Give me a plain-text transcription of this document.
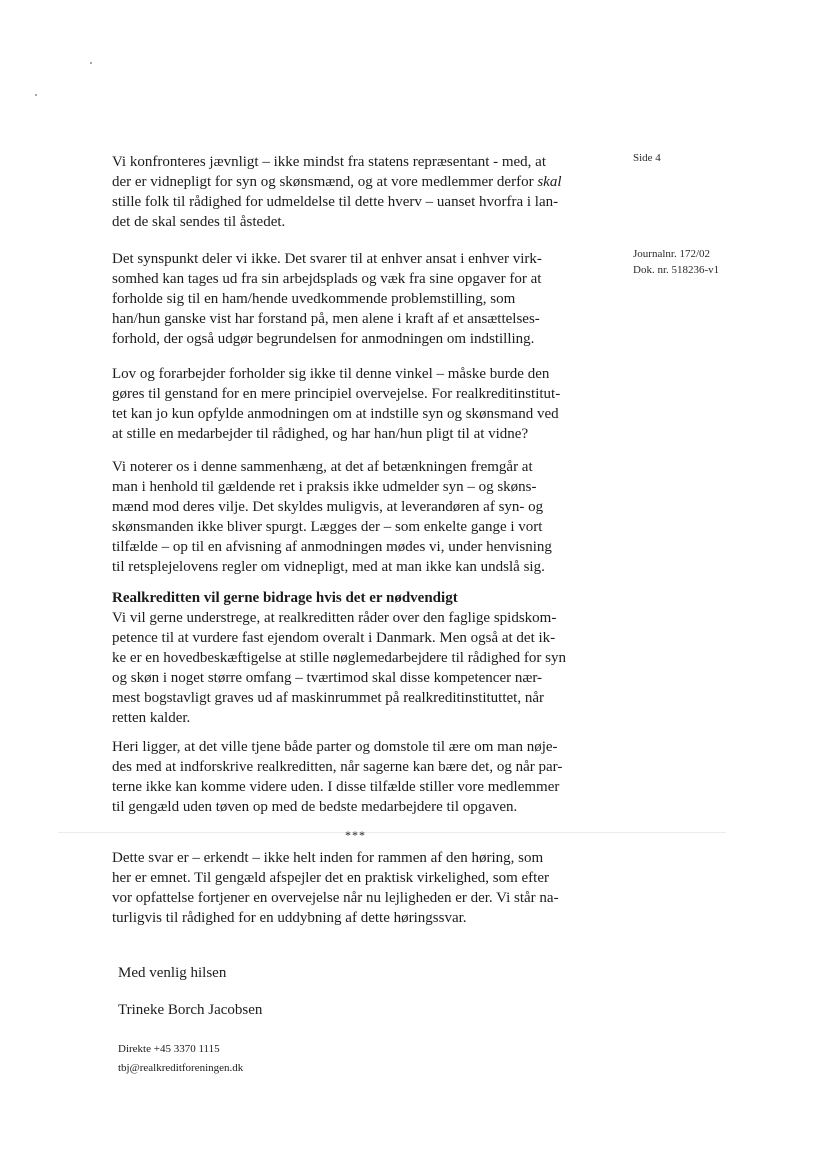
Side 4
Journalnr. 172/02
Dok. nr. 518236-v1

Vi konfronteres jævnligt – ikke mindst fra statens repræsentant - med, at

der er vidnepligt for syn og skønsmænd, og at vore medlemmer derfor skal

stille folk til rådighed for udmeldelse til dette hverv – uanset hvorfra i lan-

det de skal sendes til åstedet.

Det synspunkt deler vi ikke. Det svarer til at enhver ansat i enhver virk-

somhed kan tages ud fra sin arbejdsplads og væk fra sine opgaver for at

forholde sig til en ham/hende uvedkommende problemstilling, som

han/hun ganske vist har forstand på, men alene i kraft af et ansættelses-

forhold, der også udgør begrundelsen for anmodningen om indstilling.

Lov og forarbejder forholder sig ikke til denne vinkel – måske burde den

gøres til genstand for en mere principiel overvejelse. For realkreditinstitut-

tet kan jo kun opfylde anmodningen om at indstille syn og skønsmand ved

at stille en medarbejder til rådighed, og har han/hun pligt til at vidne?

Vi noterer os i denne sammenhæng, at det af betænkningen fremgår at

man i henhold til gældende ret i praksis ikke udmelder syn – og skøns-

mænd mod deres vilje. Det skyldes muligvis, at leverandøren af syn- og

skønsmanden ikke bliver spurgt. Lægges der – som enkelte gange i vort

tilfælde – op til en afvisning af anmodningen mødes vi, under henvisning

til retsplejelovens regler om vidnepligt, med at man ikke kan undslå sig.

Realkreditten vil gerne bidrage hvis det er nødvendigt

Vi vil gerne understrege, at realkreditten råder over den faglige spidskom-

petence til at vurdere fast ejendom overalt i Danmark. Men også at det ik-

ke er en hovedbeskæftigelse at stille nøglemedarbejdere til rådighed for syn

og skøn i noget større omfang – tværtimod skal disse kompetencer nær-

mest bogstavligt graves ud af maskinrummet på realkreditinstituttet, når

retten kalder.

Heri ligger, at det ville tjene både parter og domstole til ære om man nøje-

des med at indforskrive realkreditten, når sagerne kan bære det, og når par-

terne ikke kan komme videre uden. I disse tilfælde stiller vore medlemmer

til gengæld uden tøven op med de bedste medarbejdere til opgaven.

***

Dette svar er – erkendt – ikke helt inden for rammen af den høring, som

her er emnet. Til gengæld afspejler det en praktisk virkelighed, som efter

vor opfattelse fortjener en overvejelse når nu lejligheden er der. Vi står na-

turligvis til rådighed for en uddybning af dette høringssvar.

Med venlig hilsen
Trineke Borch Jacobsen
Direkte +45 3370 1115
tbj@realkreditforeningen.dk
